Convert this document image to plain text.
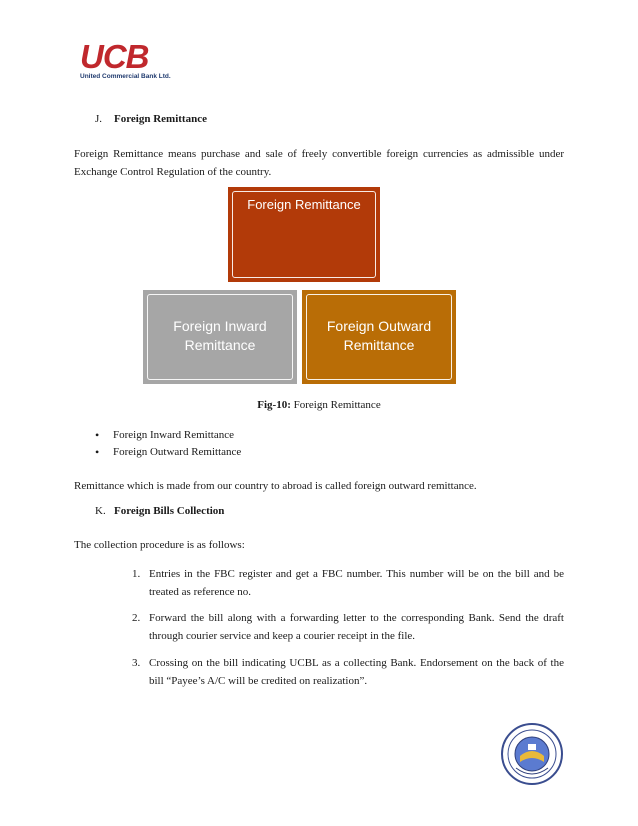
UCB
United Commercial Bank Ltd.
J. Foreign Remittance
Foreign Remittance means purchase and sale of freely convertible foreign currencies as admissible under Exchange Control Regulation of the country.
Foreign Remittance
Foreign Inward Remittance
Foreign Outward Remittance
Fig-10: Foreign Remittance
• Foreign Inward Remittance
• Foreign Outward Remittance
Remittance which is made from our country to abroad is called foreign outward remittance.
K. Foreign Bills Collection
The collection procedure is as follows:
1. Entries in the FBC register and get a FBC number. This number will be on the bill and be treated as reference no.
2. Forward the bill along with a forwarding letter to the corresponding Bank. Send the draft through courier service and keep a courier receipt in the file.
3. Crossing on the bill indicating UCBL as a collecting Bank. Endorsement on the back of the bill “Payee’s A/C will be credited on realization”.
